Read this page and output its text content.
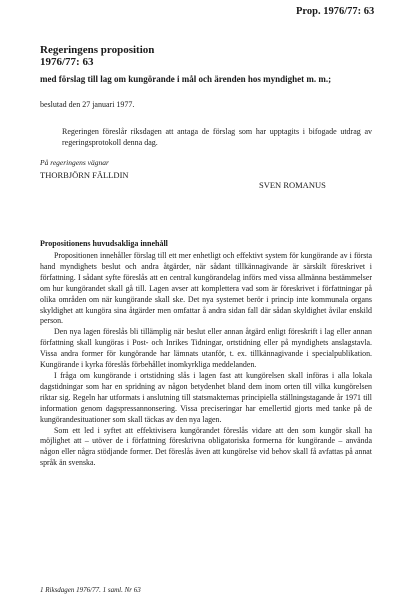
Prop. 1976/77: 63
Regeringens proposition
1976/77: 63
med förslag till lag om kungörande i mål och ärenden hos myndighet m. m.;
beslutad den 27 januari 1977.
Regeringen föreslår riksdagen att antaga de förslag som har upptagits i bifogade utdrag av regeringsprotokoll denna dag.
På regeringens vägnar
THORBJÖRN FÄLLDIN
SVEN ROMANUS
Propositionens huvudsakliga innehåll

Propositionen innehåller förslag till ett mer enhetligt och effektivt system för kungörande av i första hand myndighets beslut och andra åtgärder, när sådant tillkännagivande är särskilt föreskrivet i författning. I sådant syfte föreslås att en central kungörandelag införs med vissa allmänna bestämmelser om hur kungörandet skall gå till. Lagen avser att komplettera vad som är föreskrivet i författningar på olika områden om när kungörande skall ske. Det nya systemet berör i princip inte kommunala organs skyldighet att kungöra sina åtgärder men omfattar å andra sidan fall där sådan skyldighet åvilar enskild person.

Den nya lagen föreslås bli tillämplig när beslut eller annan åtgärd enligt föreskrift i lag eller annan författning skall kungöras i Post- och Inrikes Tidningar, ortstidning eller på myndighets anslagstavla. Vissa andra former för kungörande har lämnats utanför, t. ex. tillkännagivande i specialpublikation. Kungörande i kyrka föreslås förbehållet inomkyrkliga meddelanden.

I fråga om kungörande i ortstidning slås i lagen fast att kungörelsen skall införas i alla lokala dagstidningar som har en spridning av någon betydenhet bland dem inom orten till vilka kungörelsen riktar sig. Regeln har utformats i anslutning till statsmakternas principiella ställningstagande år 1971 till information genom dagspressannonsering. Vissa preciseringar har emellertid gjorts med tanke på de kungörandesituationer som skall täckas av den nya lagen.

Som ett led i syftet att effektivisera kungörandet föreslås vidare att den som kungör skall ha möjlighet att – utöver de i författning föreskrivna obligatoriska formerna för kungörande – använda någon eller några stödjande former. Det föreslås även att kungörelse vid behov skall få avfattas på annat språk än svenska.

1 Riksdagen 1976/77. 1 saml. Nr 63
